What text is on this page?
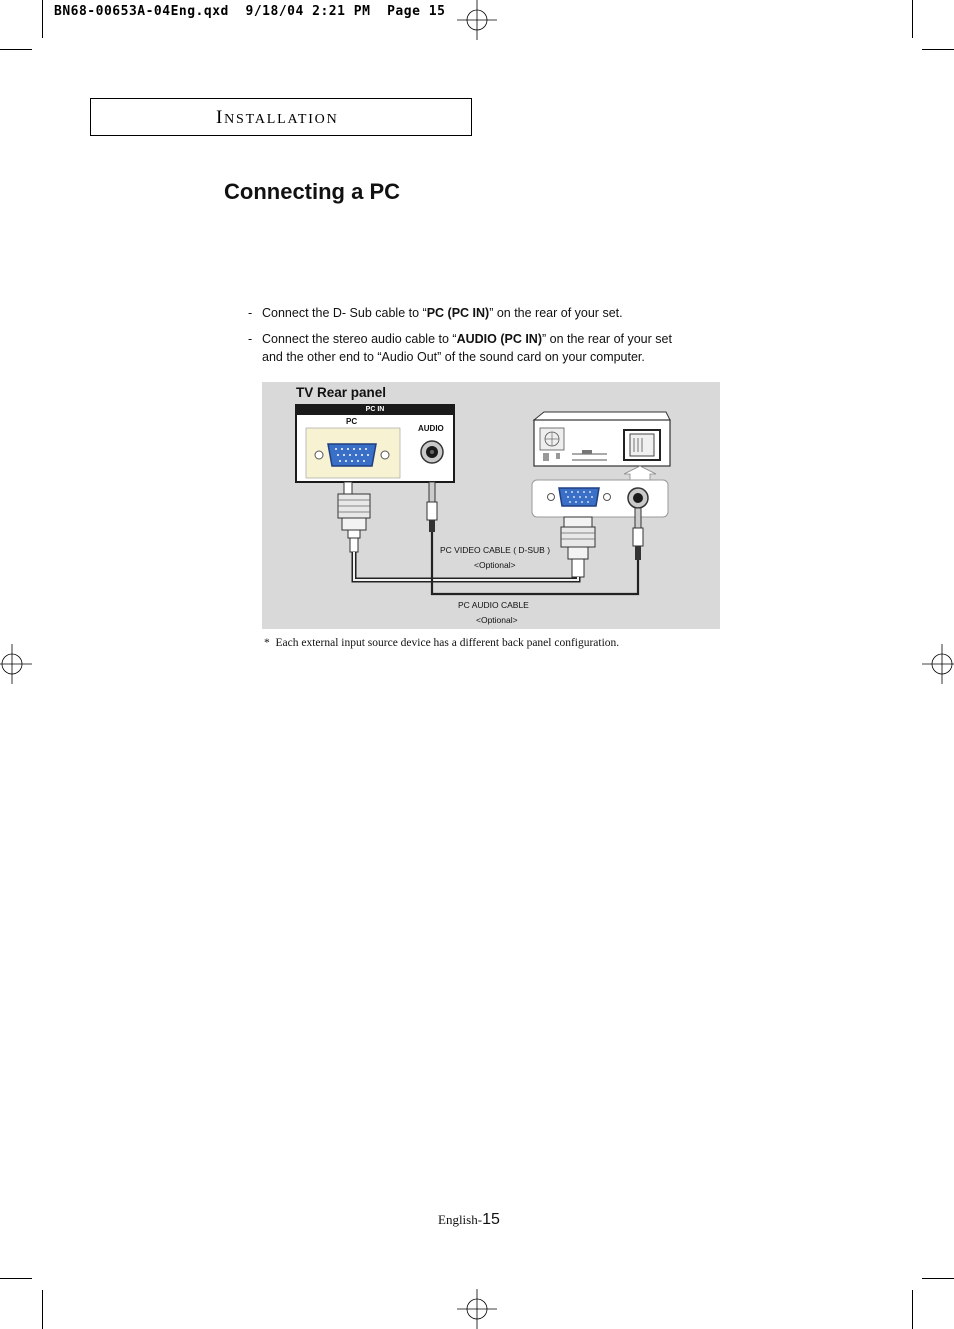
BN68-00653A-04Eng.qxd 9/18/04 2:21 PM Page 15
INSTALLATION
Connecting a PC
- Connect the D- Sub cable to “PC (PC IN)” on the rear of your set.
- Connect the stereo audio cable to “AUDIO (PC IN)” on the rear of your set
and the other end to “Audio Out” of the sound card on your computer.
TV Rear panel
PC IN
PC
AUDIO
PC VIDEO CABLE ( D-SUB )
<Optional>
PC AUDIO CABLE
<Optional>
* Each external input source device has a different back panel configuration.
English-15
